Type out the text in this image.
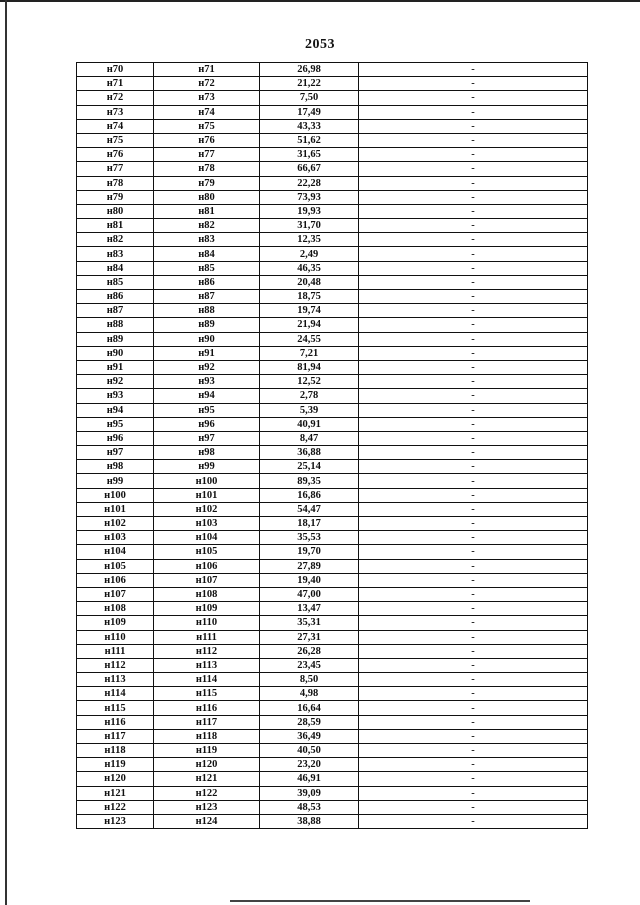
2053
н70	н71	26,98	-
н71	н72	21,22	-
н72	н73	7,50	-
н73	н74	17,49	-
н74	н75	43,33	-
н75	н76	51,62	-
н76	н77	31,65	-
н77	н78	66,67	-
н78	н79	22,28	-
н79	н80	73,93	-
н80	н81	19,93	-
н81	н82	31,70	-
н82	н83	12,35	-
н83	н84	2,49	-
н84	н85	46,35	-
н85	н86	20,48	-
н86	н87	18,75	-
н87	н88	19,74	-
н88	н89	21,94	-
н89	н90	24,55	-
н90	н91	7,21	-
н91	н92	81,94	-
н92	н93	12,52	-
н93	н94	2,78	-
н94	н95	5,39	-
н95	н96	40,91	-
н96	н97	8,47	-
н97	н98	36,88	-
н98	н99	25,14	-
н99	н100	89,35	-
н100	н101	16,86	-
н101	н102	54,47	-
н102	н103	18,17	-
н103	н104	35,53	-
н104	н105	19,70	-
н105	н106	27,89	-
н106	н107	19,40	-
н107	н108	47,00	-
н108	н109	13,47	-
н109	н110	35,31	-
н110	н111	27,31	-
н111	н112	26,28	-
н112	н113	23,45	-
н113	н114	8,50	-
н114	н115	4,98	-
н115	н116	16,64	-
н116	н117	28,59	-
н117	н118	36,49	-
н118	н119	40,50	-
н119	н120	23,20	-
н120	н121	46,91	-
н121	н122	39,09	-
н122	н123	48,53	-
н123	н124	38,88	-
